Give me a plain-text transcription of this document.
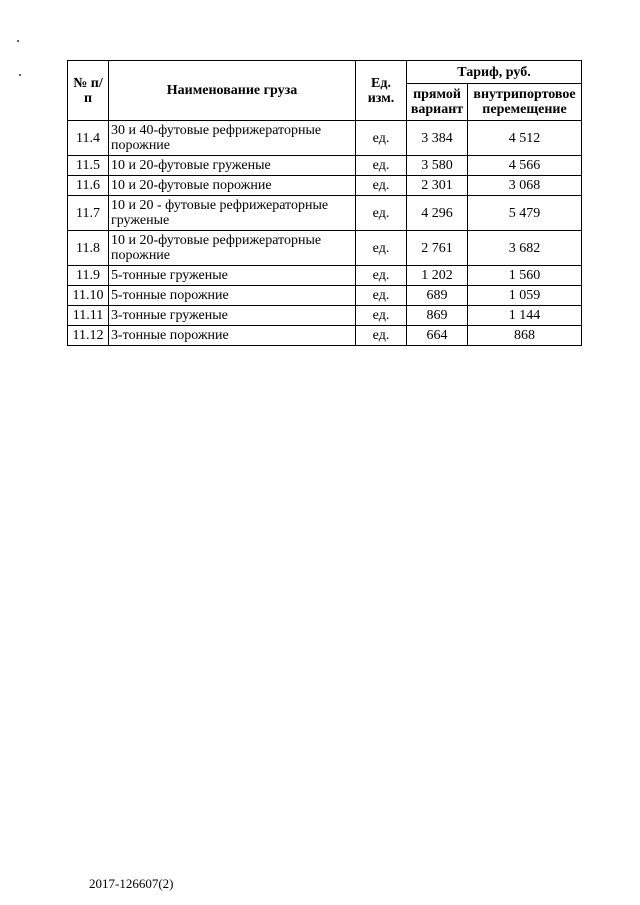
№ п/п	Наименование груза	Ед. изм.	Тариф, руб.	
			прямой вариант	внутрипортовое перемещение
11.4	30 и 40-футовые рефрижераторные порожние	ед.	3 384	4 512
11.5	10 и 20-футовые груженые	ед.	3 580	4 566
11.6	10 и 20-футовые порожние	ед.	2 301	3 068
11.7	10 и 20 - футовые рефрижераторные груженые	ед.	4 296	5 479
11.8	10 и 20-футовые рефрижераторные порожние	ед.	2 761	3 682
11.9	5-тонные груженые	ед.	1 202	1 560
11.10	5-тонные порожние	ед.	689	1 059
11.11	3-тонные груженые	ед.	869	1 144
11.12	3-тонные порожние	ед.	664	868
2017-126607(2)
